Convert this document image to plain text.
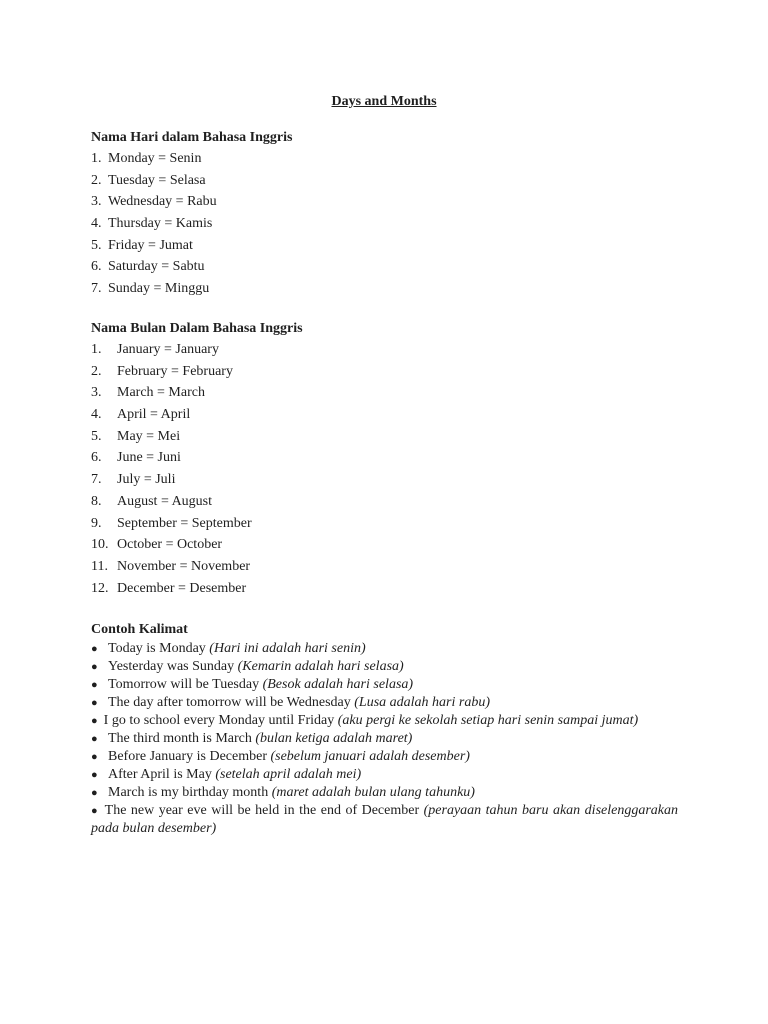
Days and Months
Nama Hari dalam Bahasa Inggris
1. Monday = Senin
2. Tuesday = Selasa
3. Wednesday = Rabu
4. Thursday = Kamis
5. Friday = Jumat
6. Saturday = Sabtu
7. Sunday = Minggu
Nama Bulan Dalam Bahasa Inggris
1. January = January
2. February = February
3. March = March
4. April = April
5. May = Mei
6. June = Juni
7. July = Juli
8. August = August
9. September = September
10. October = October
11. November = November
12. December = Desember
Contoh Kalimat
● Today is Monday (Hari ini adalah hari senin)
● Yesterday was Sunday (Kemarin adalah hari selasa)
● Tomorrow will be Tuesday (Besok adalah hari selasa)
● The day after tomorrow will be Wednesday (Lusa adalah hari rabu)
● I go to school every Monday until Friday (aku pergi ke sekolah setiap hari senin sampai jumat)
● The third month is March (bulan ketiga adalah maret)
● Before January is December (sebelum januari adalah desember)
● After April is May (setelah april adalah mei)
● March is my birthday month (maret adalah bulan ulang tahunku)
● The new year eve will be held in the end of December (perayaan tahun baru akan diselenggarakan pada bulan desember)
